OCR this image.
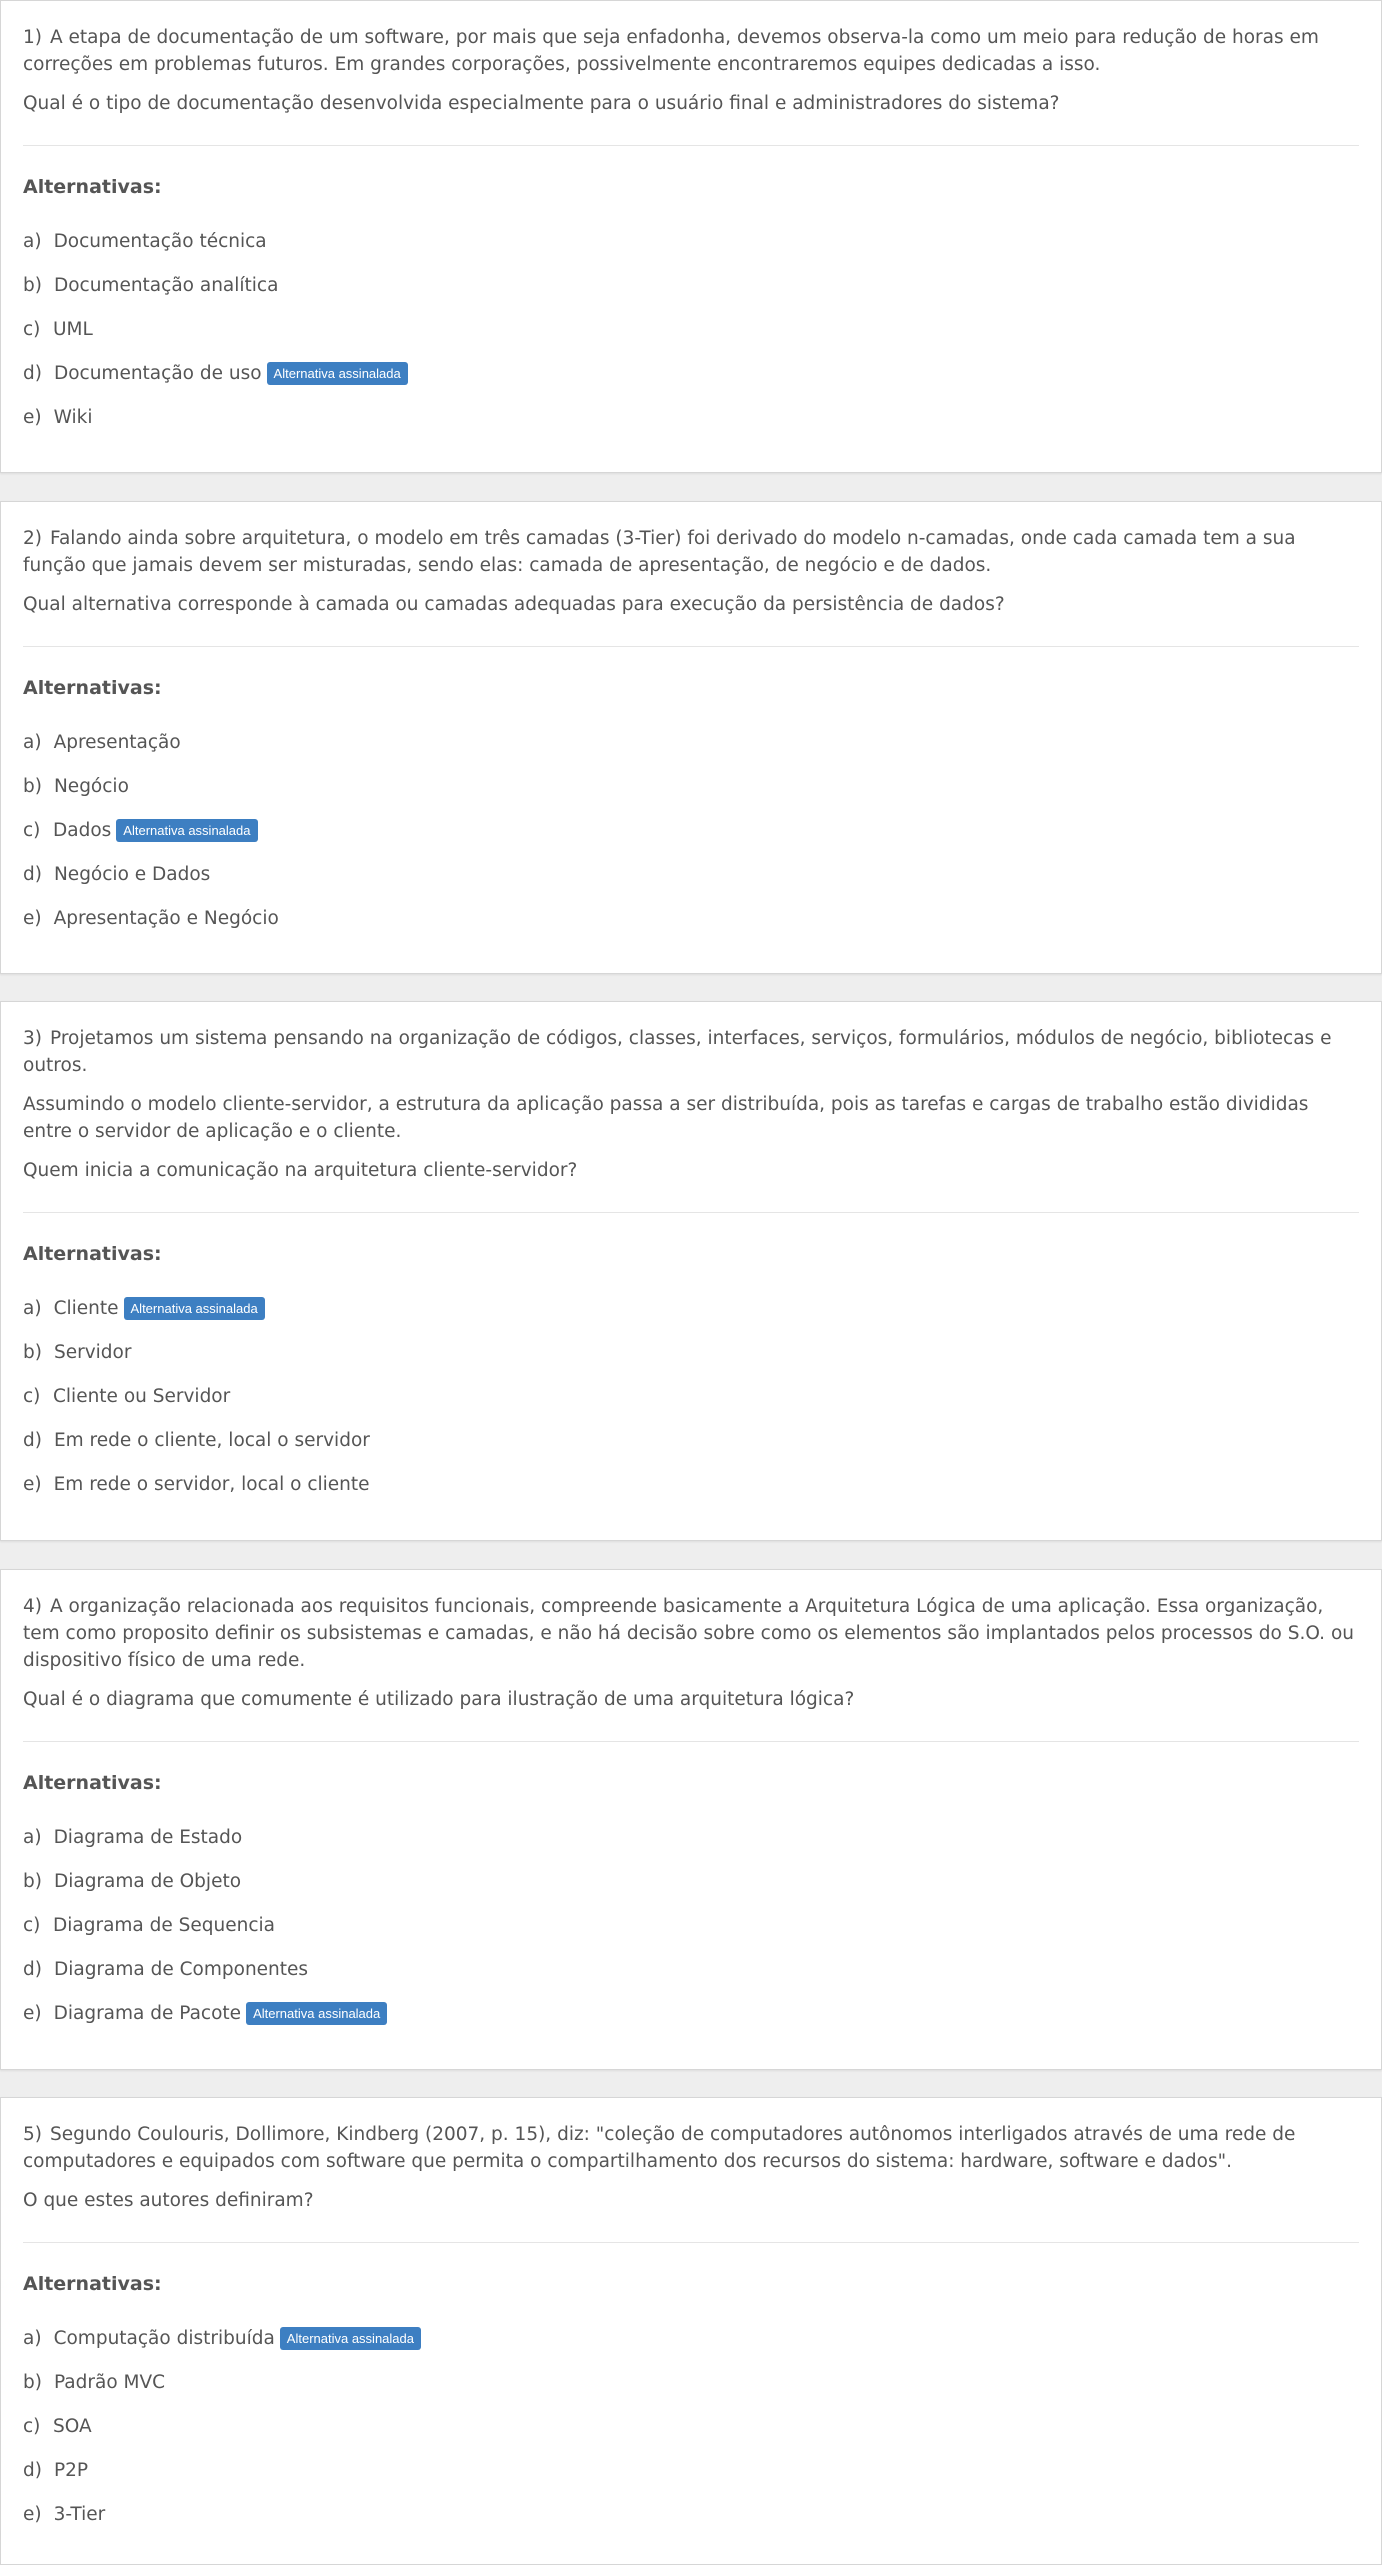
1) A etapa de documentação de um software, por mais que seja enfadonha, devemos observa-la como um meio para redução de horas em correções em problemas futuros. Em grandes corporações, possivelmente encontraremos equipes dedicadas a isso.

Qual é o tipo de documentação desenvolvida especialmente para o usuário final e administradores do sistema?

Alternativas:
a) Documentação técnica
b) Documentação analítica
c) UML
d) Documentação de uso Alternativa assinalada
e) Wiki

2) Falando ainda sobre arquitetura, o modelo em três camadas (3-Tier) foi derivado do modelo n-camadas, onde cada camada tem a sua função que jamais devem ser misturadas, sendo elas: camada de apresentação, de negócio e de dados.

Qual alternativa corresponde à camada ou camadas adequadas para execução da persistência de dados?

Alternativas:
a) Apresentação
b) Negócio
c) Dados Alternativa assinalada
d) Negócio e Dados
e) Apresentação e Negócio

3) Projetamos um sistema pensando na organização de códigos, classes, interfaces, serviços, formulários, módulos de negócio, bibliotecas e outros.

Assumindo o modelo cliente-servidor, a estrutura da aplicação passa a ser distribuída, pois as tarefas e cargas de trabalho estão divididas entre o servidor de aplicação e o cliente.

Quem inicia a comunicação na arquitetura cliente-servidor?

Alternativas:
a) Cliente Alternativa assinalada
b) Servidor
c) Cliente ou Servidor
d) Em rede o cliente, local o servidor
e) Em rede o servidor, local o cliente

4) A organização relacionada aos requisitos funcionais, compreende basicamente a Arquitetura Lógica de uma aplicação. Essa organização, tem como proposito definir os subsistemas e camadas, e não há decisão sobre como os elementos são implantados pelos processos do S.O. ou dispositivo físico de uma rede.

Qual é o diagrama que comumente é utilizado para ilustração de uma arquitetura lógica?

Alternativas:
a) Diagrama de Estado
b) Diagrama de Objeto
c) Diagrama de Sequencia
d) Diagrama de Componentes
e) Diagrama de Pacote Alternativa assinalada

5) Segundo Coulouris, Dollimore, Kindberg (2007, p. 15), diz: "coleção de computadores autônomos interligados através de uma rede de computadores e equipados com software que permita o compartilhamento dos recursos do sistema: hardware, software e dados".

O que estes autores definiram?

Alternativas:
a) Computação distribuída Alternativa assinalada
b) Padrão MVC
c) SOA
d) P2P
e) 3-Tier
